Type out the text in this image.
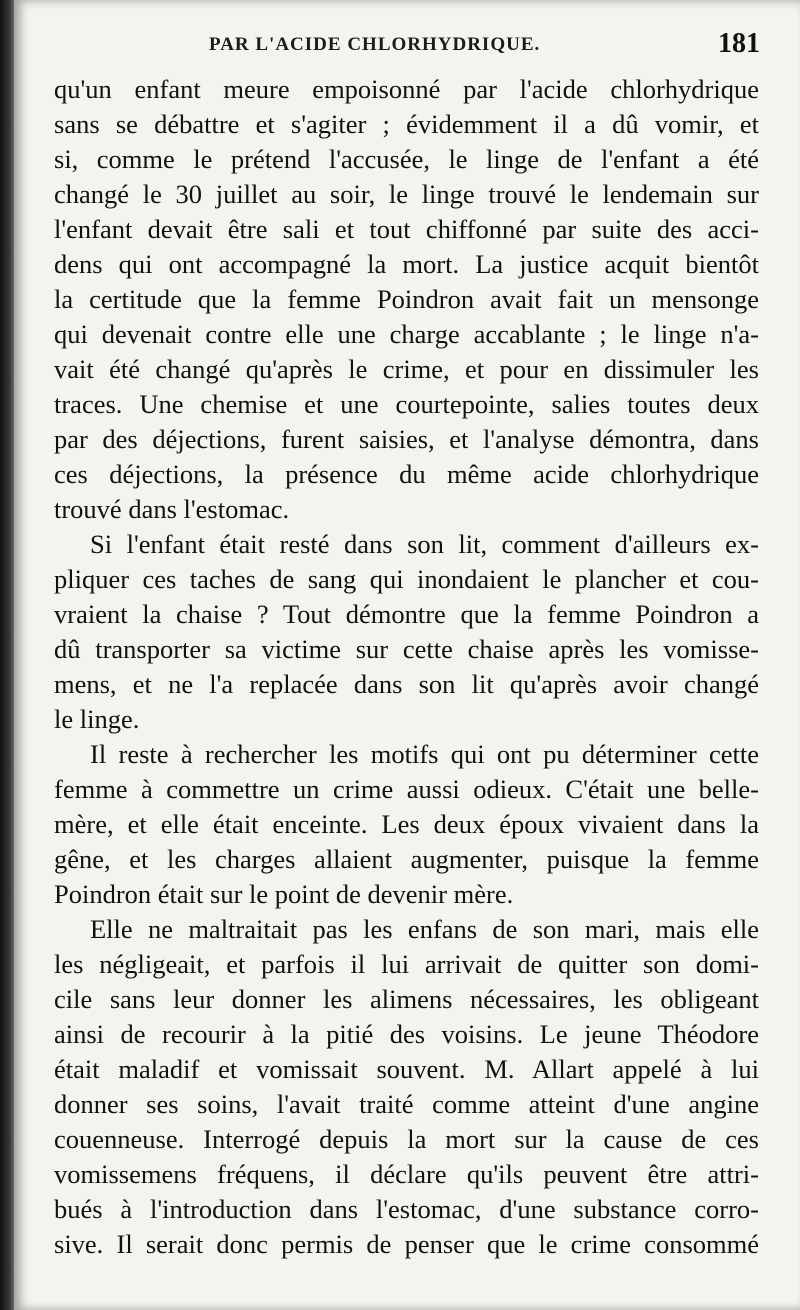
PAR L'ACIDE CHLORHYDRIQUE.	181
qu'un enfant meure empoisonné par l'acide chlorhydrique
sans se débattre et s'agiter ; évidemment il a dû vomir, et
si, comme le prétend l'accusée, le linge de l'enfant a été
changé le 30 juillet au soir, le linge trouvé le lendemain sur
l'enfant devait être sali et tout chiffonné par suite des acci-
dens qui ont accompagné la mort. La justice acquit bientôt
la certitude que la femme Poindron avait fait un mensonge
qui devenait contre elle une charge accablante ; le linge n'a-
vait été changé qu'après le crime, et pour en dissimuler les
traces. Une chemise et une courtepointe, salies toutes deux
par des déjections, furent saisies, et l'analyse démontra, dans
ces déjections, la présence du même acide chlorhydrique
trouvé dans l'estomac.
Si l'enfant était resté dans son lit, comment d'ailleurs ex-
pliquer ces taches de sang qui inondaient le plancher et cou-
vraient la chaise ? Tout démontre que la femme Poindron a
dû transporter sa victime sur cette chaise après les vomisse-
mens, et ne l'a replacée dans son lit qu'après avoir changé
le linge.
Il reste à rechercher les motifs qui ont pu déterminer cette
femme à commettre un crime aussi odieux. C'était une belle-
mère, et elle était enceinte. Les deux époux vivaient dans la
gêne, et les charges allaient augmenter, puisque la femme
Poindron était sur le point de devenir mère.
Elle ne maltraitait pas les enfans de son mari, mais elle
les négligeait, et parfois il lui arrivait de quitter son domi-
cile sans leur donner les alimens nécessaires, les obligeant
ainsi de recourir à la pitié des voisins. Le jeune Théodore
était maladif et vomissait souvent. M. Allart appelé à lui
donner ses soins, l'avait traité comme atteint d'une angine
couenneuse. Interrogé depuis la mort sur la cause de ces
vomissemens fréquens, il déclare qu'ils peuvent être attri-
bués à l'introduction dans l'estomac, d'une substance corro-
sive. Il serait donc permis de penser que le crime consommé
